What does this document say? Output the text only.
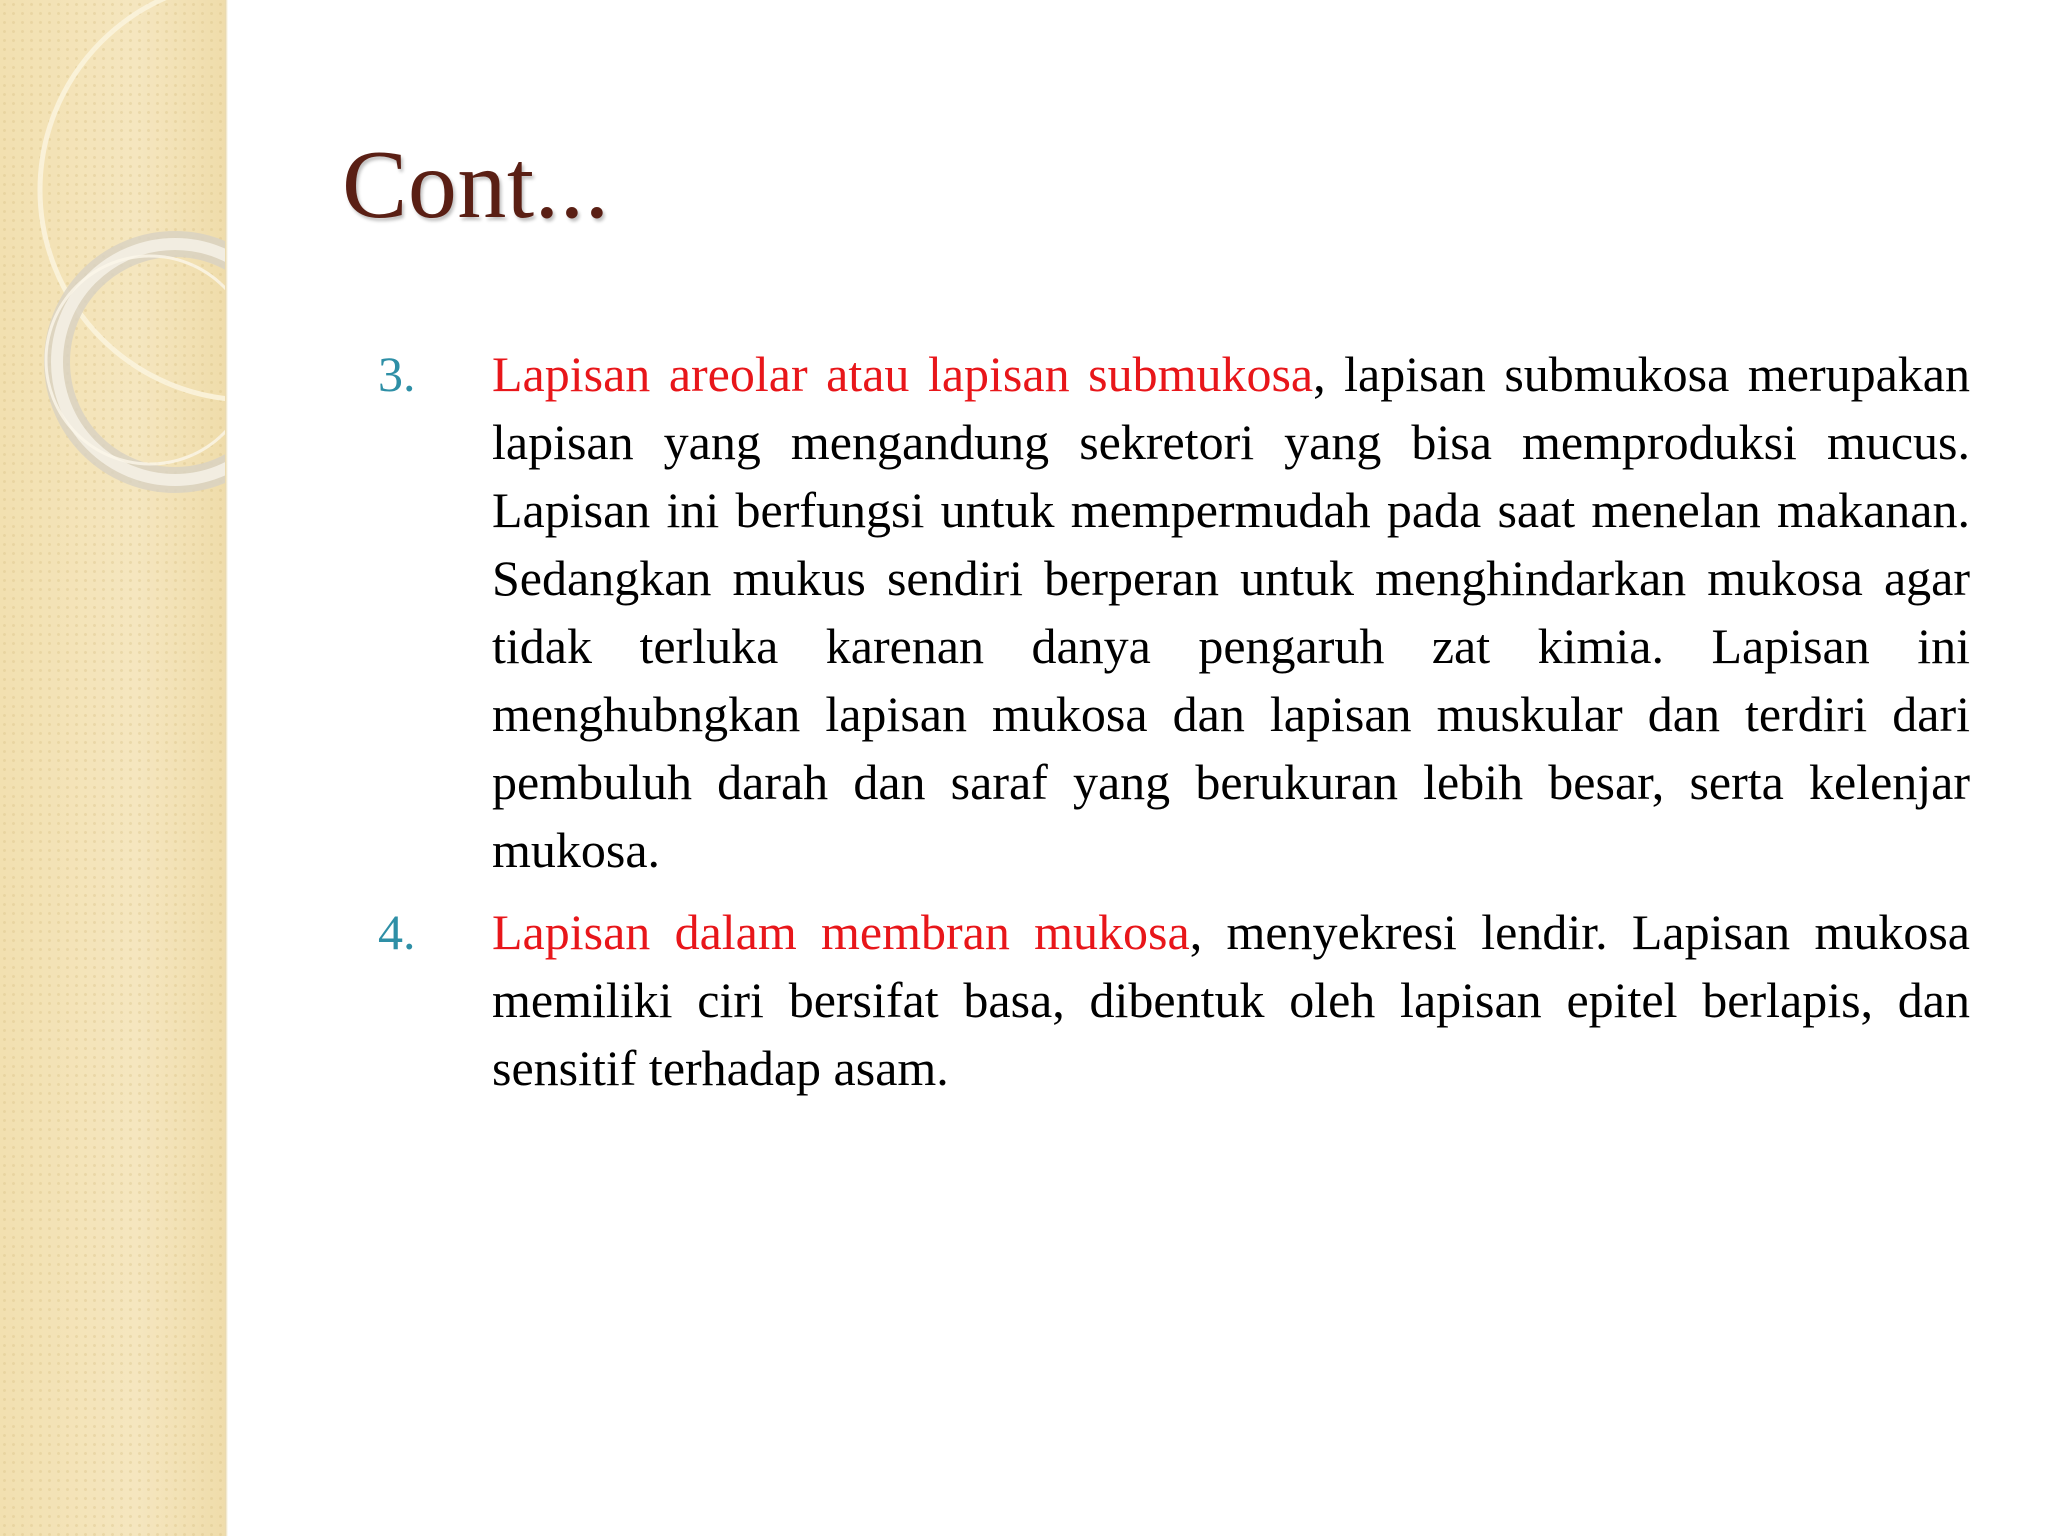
Cont...
3. Lapisan areolar atau lapisan submukosa, lapisan submukosa merupakan lapisan yang mengandung sekretori yang bisa memproduksi mucus. Lapisan ini berfungsi untuk mempermudah pada saat menelan makanan. Sedangkan mukus sendiri berperan untuk menghindarkan mukosa agar tidak terluka karenan danya pengaruh zat kimia. Lapisan ini menghubngkan lapisan mukosa dan lapisan muskular dan terdiri dari pembuluh darah dan saraf yang berukuran lebih besar, serta kelenjar mukosa.
4. Lapisan dalam membran mukosa, menyekresi lendir. Lapisan mukosa memiliki ciri bersifat basa, dibentuk oleh lapisan epitel berlapis, dan sensitif terhadap asam.
